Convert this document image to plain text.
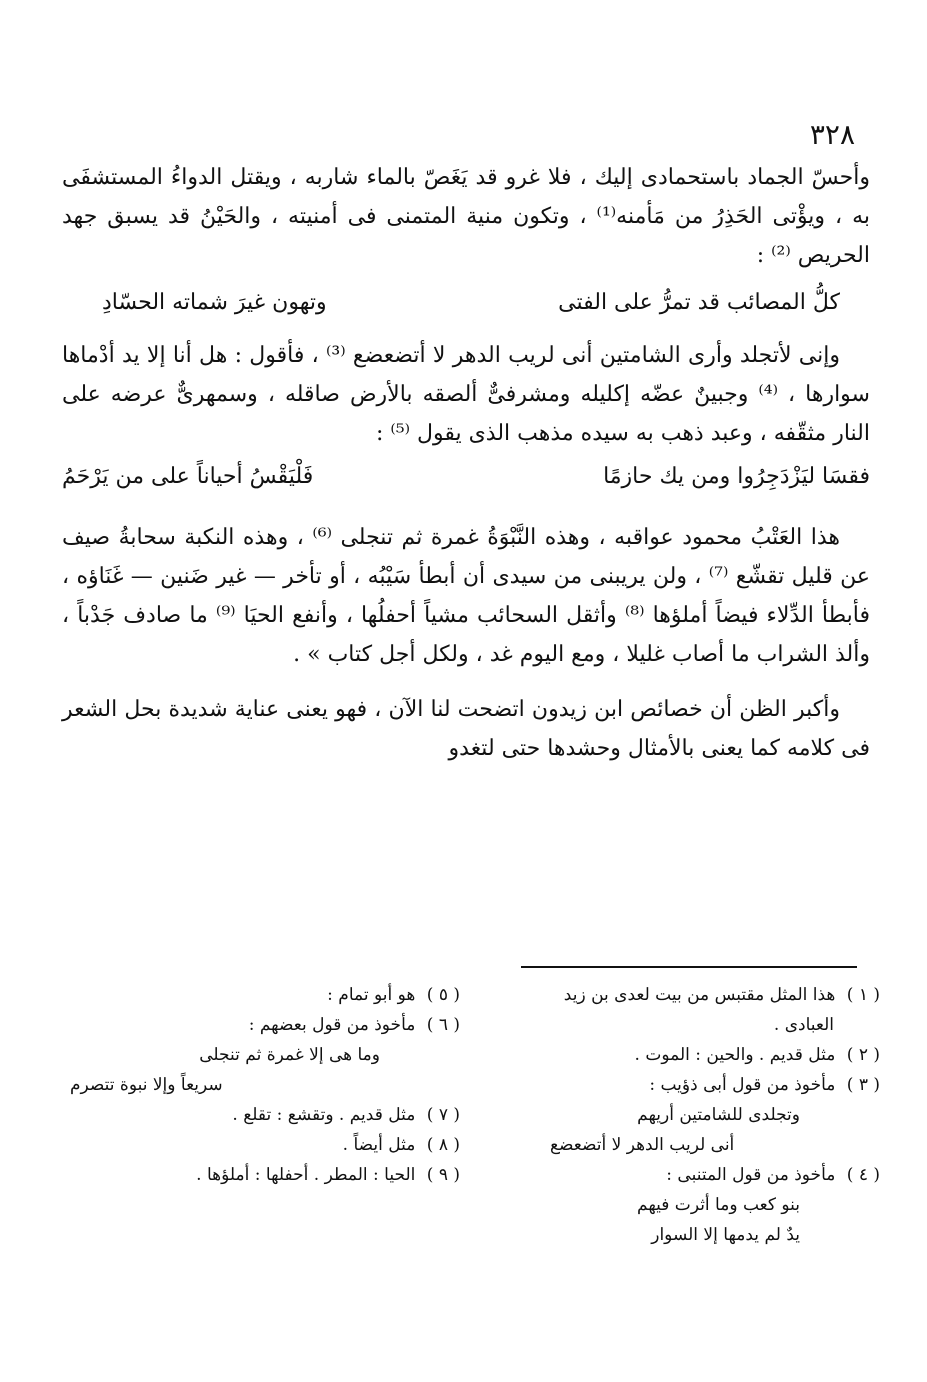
٣٢٨

وأحسّ الجماد باستحمادى إليك ، فلا غرو قد يَغَصّ بالماء شاربه ، ويقتل الدواءُ المستشفَى به ، ويؤْتى الحَذِرُ من مَأمنه⁽¹⁾ ، وتكون منية المتمنى فى أمنيته ، والحَيْنُ قد يسبق جهد الحريص ⁽²⁾ :

كلُّ المصائب قد تمرُّ على الفتى
وتهون غيرَ شماته الحسّادِ

وإنى لأتجلد وأرى الشامتين أنى لريب الدهر لا أتضعضع ⁽³⁾ ، فأقول : هل أنا إلا يد أدْماها سوارها ، ⁽⁴⁾ وجبينٌ عضّه إكليله ومشرفىٌّ ألصقه بالأرض صاقله ، وسمهرىٌّ عرضه على النار مثقّفه ، وعبد ذهب به سيده مذهب الذى يقول ⁽⁵⁾ :

فقسَا ليَزْدَجِرُوا ومن يك حازمًا
فَلْيَقْسُ أحياناً على من يَرْحَمُ

هذا العَتْبُ محمود عواقبه ، وهذه النَّبْوَةُ غمرة ثم تنجلى ⁽⁶⁾ ، وهذه النكبة سحابةُ صيف عن قليل تقشّع ⁽⁷⁾ ، ولن يريبنى من سيدى أن أبطأ سَيْبُه ، أو تأخر — غير ضَنين — غَنَاؤه ، فأبطأ الدِّلاء فيضاً أملؤها ⁽⁸⁾ وأثقل السحائب مشياً أحفلُها ، وأنفع الحيَا ⁽⁹⁾ ما صادف جَدْباً ، وألذ الشراب ما أصاب غليلا ، ومع اليوم غد ، ولكل أجل كتاب » .

وأكبر الظن أن خصائص ابن زيدون اتضحت لنا الآن ، فهو يعنى عناية شديدة بحل الشعر فى كلامه كما يعنى بالأمثال وحشدها حتى لتغدو

( ١ ) هذا المثل مقتبس من بيت لعدى بن زيد

العبادى .

( ٢ ) مثل قديم . والحين : الموت .

( ٣ ) مأخوذ من قول أبى ذؤيب :

وتجلدى للشامتين أريهم

أنى لريب الدهر لا أتضعضع

( ٤ ) مأخوذ من قول المتنبى :

بنو كعب وما أثرت فيهم

يدٌ لم يدمها إلا السوار

( ٥ ) هو أبو تمام :

( ٦ ) مأخوذ من قول بعضهم :

وما هى إلا غمرة ثم تنجلى

سريعاً وإلا نبوة تتصرم

( ٧ ) مثل قديم . وتقشع : تقلع .

( ٨ ) مثل أيضاً .

( ٩ ) الحيا : المطر . أحفلها : أملؤها .
